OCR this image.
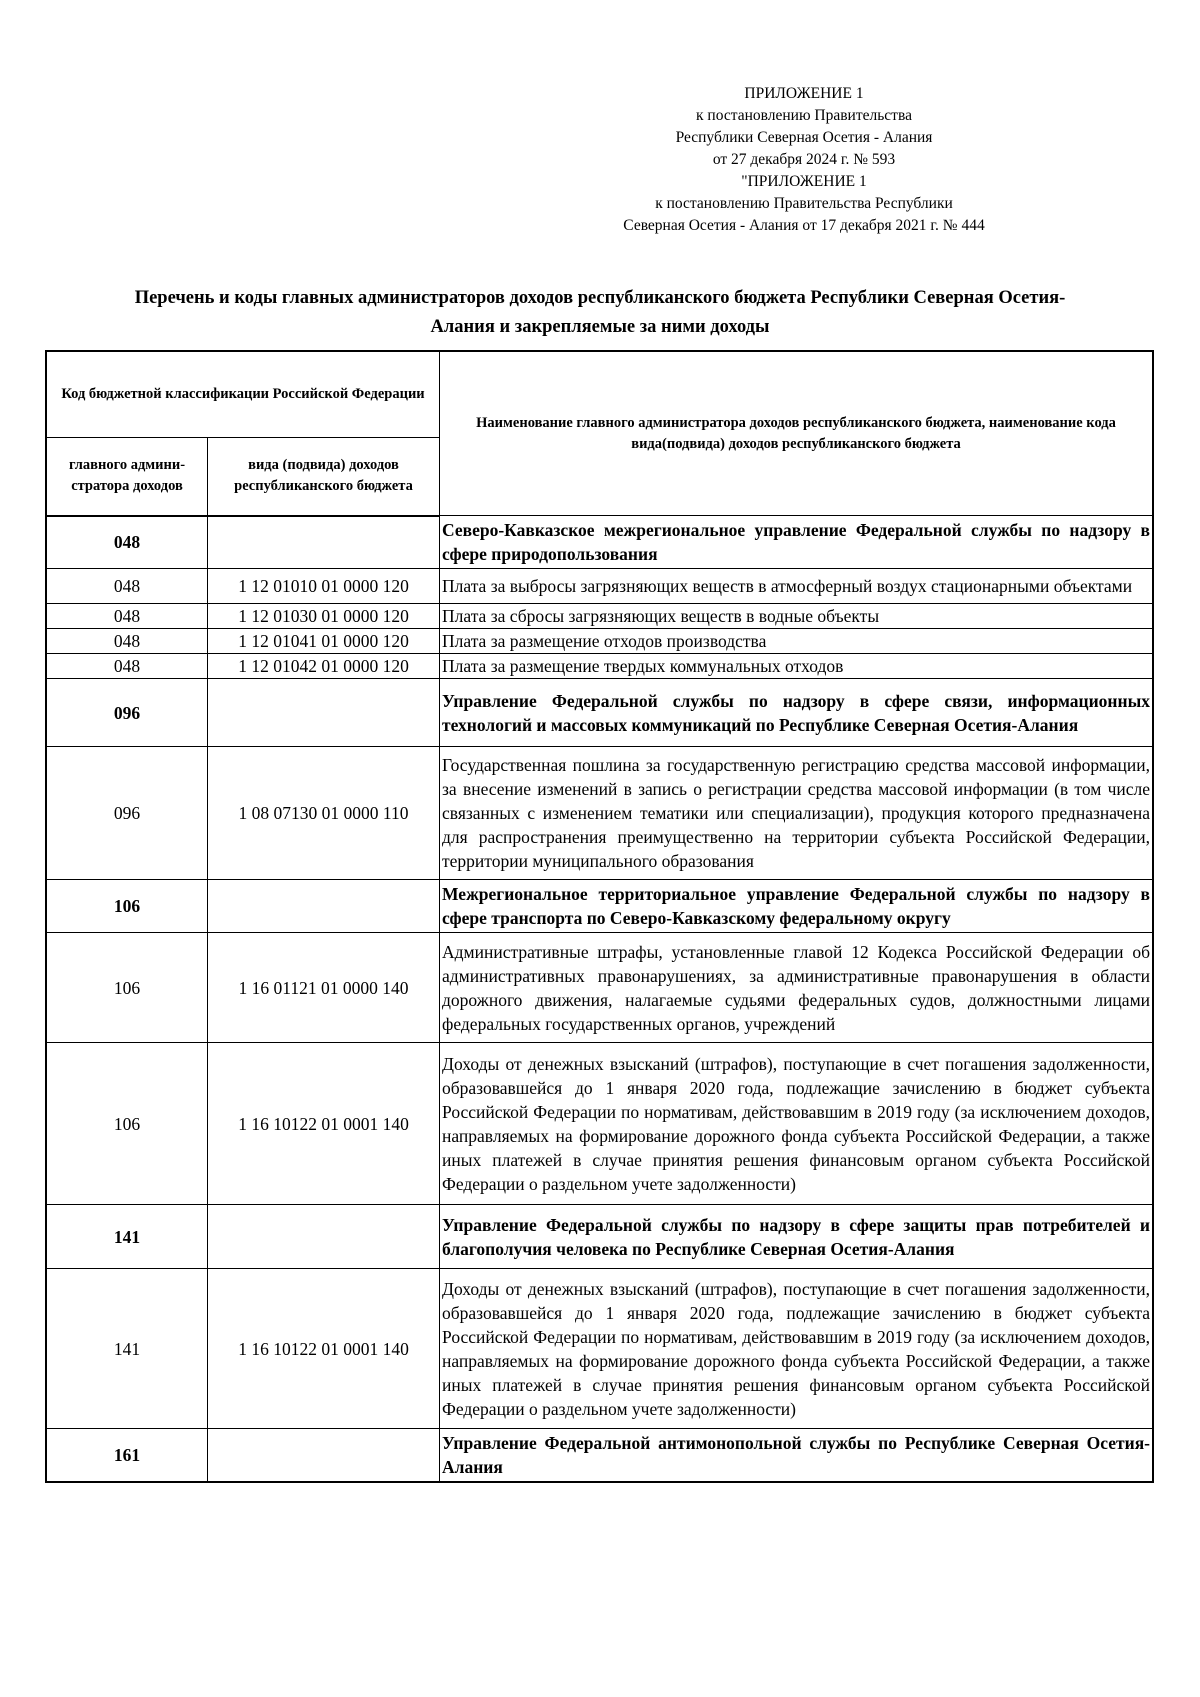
ПРИЛОЖЕНИЕ 1
к постановлению Правительства
Республики Северная Осетия - Алания
от 27 декабря 2024 г. № 593
"ПРИЛОЖЕНИЕ 1
к постановлению Правительства Республики
Северная Осетия - Алания от 17 декабря 2021 г. № 444
Перечень и коды главных администраторов доходов республиканского бюджета Республики Северная Осетия-
Алания и закрепляемые за ними доходы
Код бюджетной классификации Российской Федерации		Наименование главного администратора доходов республиканского бюджета, наименование кода вида(подвида) доходов республиканского бюджета
главного админи-стратора доходов	вида (подвида) доходов республиканского бюджета	
048		Северо-Кавказское межрегиональное управление Федеральной службы по надзору в сфере природопользования
048	1 12 01010 01 0000 120	Плата за выбросы загрязняющих веществ в атмосферный воздух стационарными объектами
048	1 12 01030 01 0000 120	Плата за сбросы загрязняющих веществ в водные объекты
048	1 12 01041 01 0000 120	Плата за размещение отходов производства
048	1 12 01042 01 0000 120	Плата за размещение твердых коммунальных отходов
096		Управление Федеральной службы по надзору в сфере связи, информационных технологий и массовых коммуникаций по Республике Северная Осетия-Алания
096	1 08 07130 01 0000 110	Государственная пошлина за государственную регистрацию средства массовой информации, за внесение изменений в запись о регистрации средства массовой информации (в том числе связанных с изменением тематики или специализации), продукция которого предназначена для распространения преимущественно на территории субъекта Российской Федерации, территории муниципального образования
106		Межрегиональное территориальное управление Федеральной службы по надзору в сфере транспорта по Северо-Кавказскому федеральному округу
106	1 16 01121 01 0000 140	Административные штрафы, установленные главой 12 Кодекса Российской Федерации об административных правонарушениях, за административные правонарушения в области дорожного движения, налагаемые судьями федеральных судов, должностными лицами федеральных государственных органов, учреждений
106	1 16 10122 01 0001 140	Доходы от денежных взысканий (штрафов), поступающие в счет погашения задолженности, образовавшейся до 1 января 2020 года, подлежащие зачислению в бюджет субъекта Российской Федерации по нормативам, действовавшим в 2019 году (за исключением доходов, направляемых на формирование дорожного фонда субъекта Российской Федерации, а также иных платежей в случае принятия решения финансовым органом субъекта Российской Федерации о раздельном учете задолженности)
141		Управление Федеральной службы по надзору в сфере защиты прав потребителей и благополучия человека по Республике Северная Осетия-Алания
141	1 16 10122 01 0001 140	Доходы от денежных взысканий (штрафов), поступающие в счет погашения задолженности, образовавшейся до 1 января 2020 года, подлежащие зачислению в бюджет субъекта Российской Федерации по нормативам, действовавшим в 2019 году (за исключением доходов, направляемых на формирование дорожного фонда субъекта Российской Федерации, а также иных платежей в случае принятия решения финансовым органом субъекта Российской Федерации о раздельном учете задолженности)
161		Управление Федеральной антимонопольной службы по Республике Северная Осетия-Алания
